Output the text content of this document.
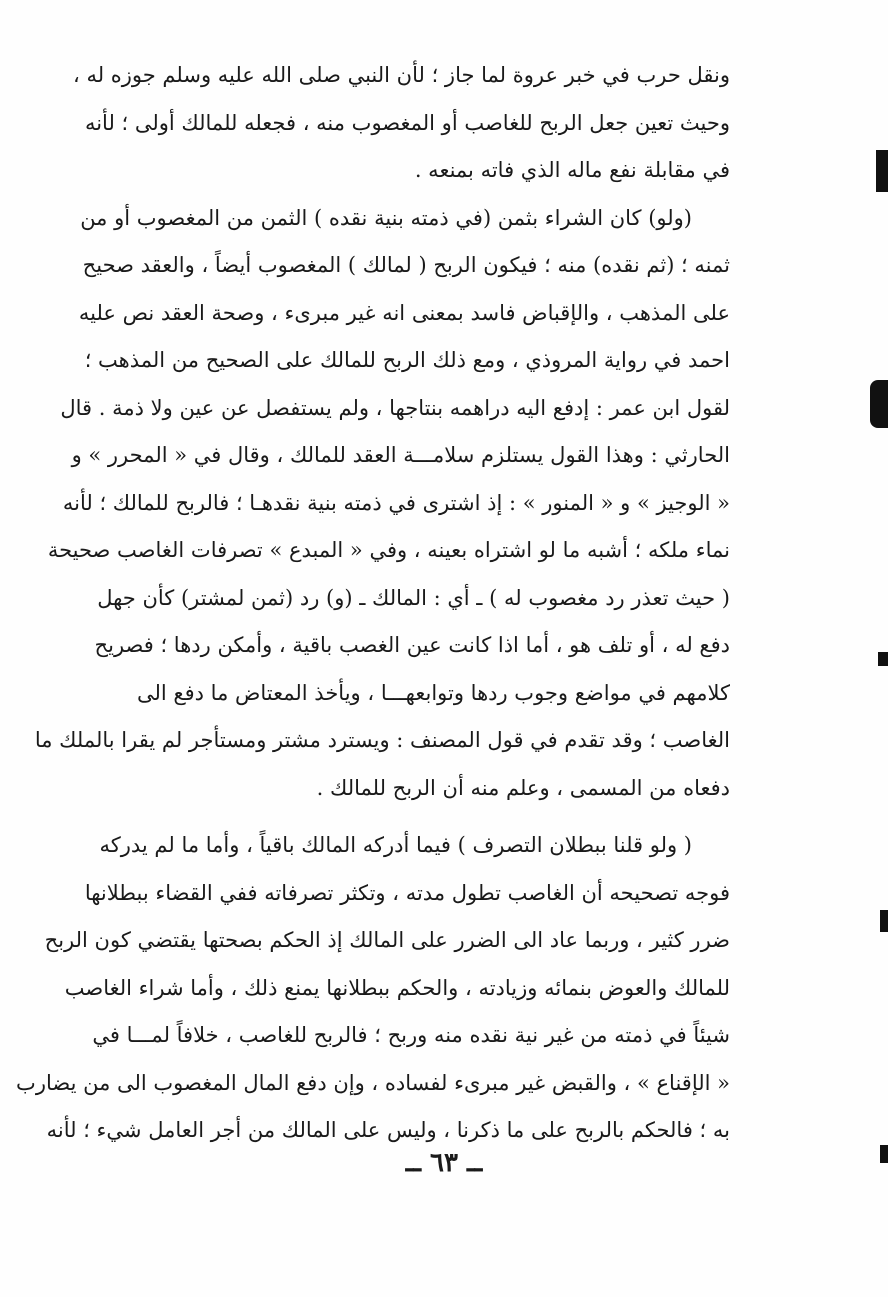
ونقل حرب في خبر عروة لما جاز ؛ لأن النبي صلى الله عليه وسلم جوزه له ،
وحيث تعين جعل الربح للغاصب أو المغصوب منه ، فجعله للمالك أولى ؛ لأنه
في مقابلة نفع ماله الذي فاته بمنعه .
(ولو) كان الشراء بثمن (في ذمته بنية نقده ) الثمن من المغصوب أو من
ثمنه ؛ (ثم نقده) منه ؛ فيكون الربح ( لمالك ) المغصوب أيضاً ، والعقد صحيح
على المذهب ، والإقباض فاسد بمعنى انه غير مبرىء ، وصحة العقد نص عليه
احمد في رواية المروذي ، ومع ذلك الربح للمالك على الصحيح من المذهب ؛
لقول ابن عمر : إدفع اليه دراهمه بنتاجها ، ولم يستفصل عن عين ولا ذمة . قال
الحارثي : وهذا القول يستلزم سلامـــة العقد للمالك ، وقال في « المحرر » و
« الوجيز » و « المنور » : إذ اشترى في ذمته بنية نقدهـا ؛ فالربح للمالك ؛ لأنه
نماء ملكه ؛ أشبه ما لو اشتراه بعينه ، وفي « المبدع » تصرفات الغاصب صحيحة
( حيث تعذر رد مغصوب له ) ـ أي : المالك ـ (و) رد (ثمن لمشتر) كأن جهل
دفع له ، أو تلف هو ، أما اذا كانت عين الغصب باقية ، وأمكن ردها ؛ فصريح
كلامهم في مواضع وجوب ردها وتوابعهـــا ، ويأخذ المعتاض ما دفع الى
الغاصب ؛ وقد تقدم في قول المصنف : ويسترد مشتر ومستأجر لم يقرا بالملك ما
دفعاه من المسمى ، وعلم منه أن الربح للمالك .
( ولو قلنا ببطلان التصرف ) فيما أدركه المالك باقياً ، وأما ما لم يدركه
فوجه تصحيحه أن الغاصب تطول مدته ، وتكثر تصرفاته ففي القضاء ببطلانها
ضرر كثير ، وربما عاد الى الضرر على المالك إذ الحكم بصحتها يقتضي كون الربح
للمالك والعوض بنمائه وزيادته ، والحكم ببطلانها يمنع ذلك ، وأما شراء الغاصب
شيئاً في ذمته من غير نية نقده منه وربح ؛ فالربح للغاصب ، خلافاً لمـــا في
« الإقناع » ، والقبض غير مبرىء لفساده ، وإن دفع المال المغصوب الى من يضارب
به ؛ فالحكم بالربح على ما ذكرنا ، وليس على المالك من أجر العامل شيء ؛ لأنه
ــ ٦٣ ــ
